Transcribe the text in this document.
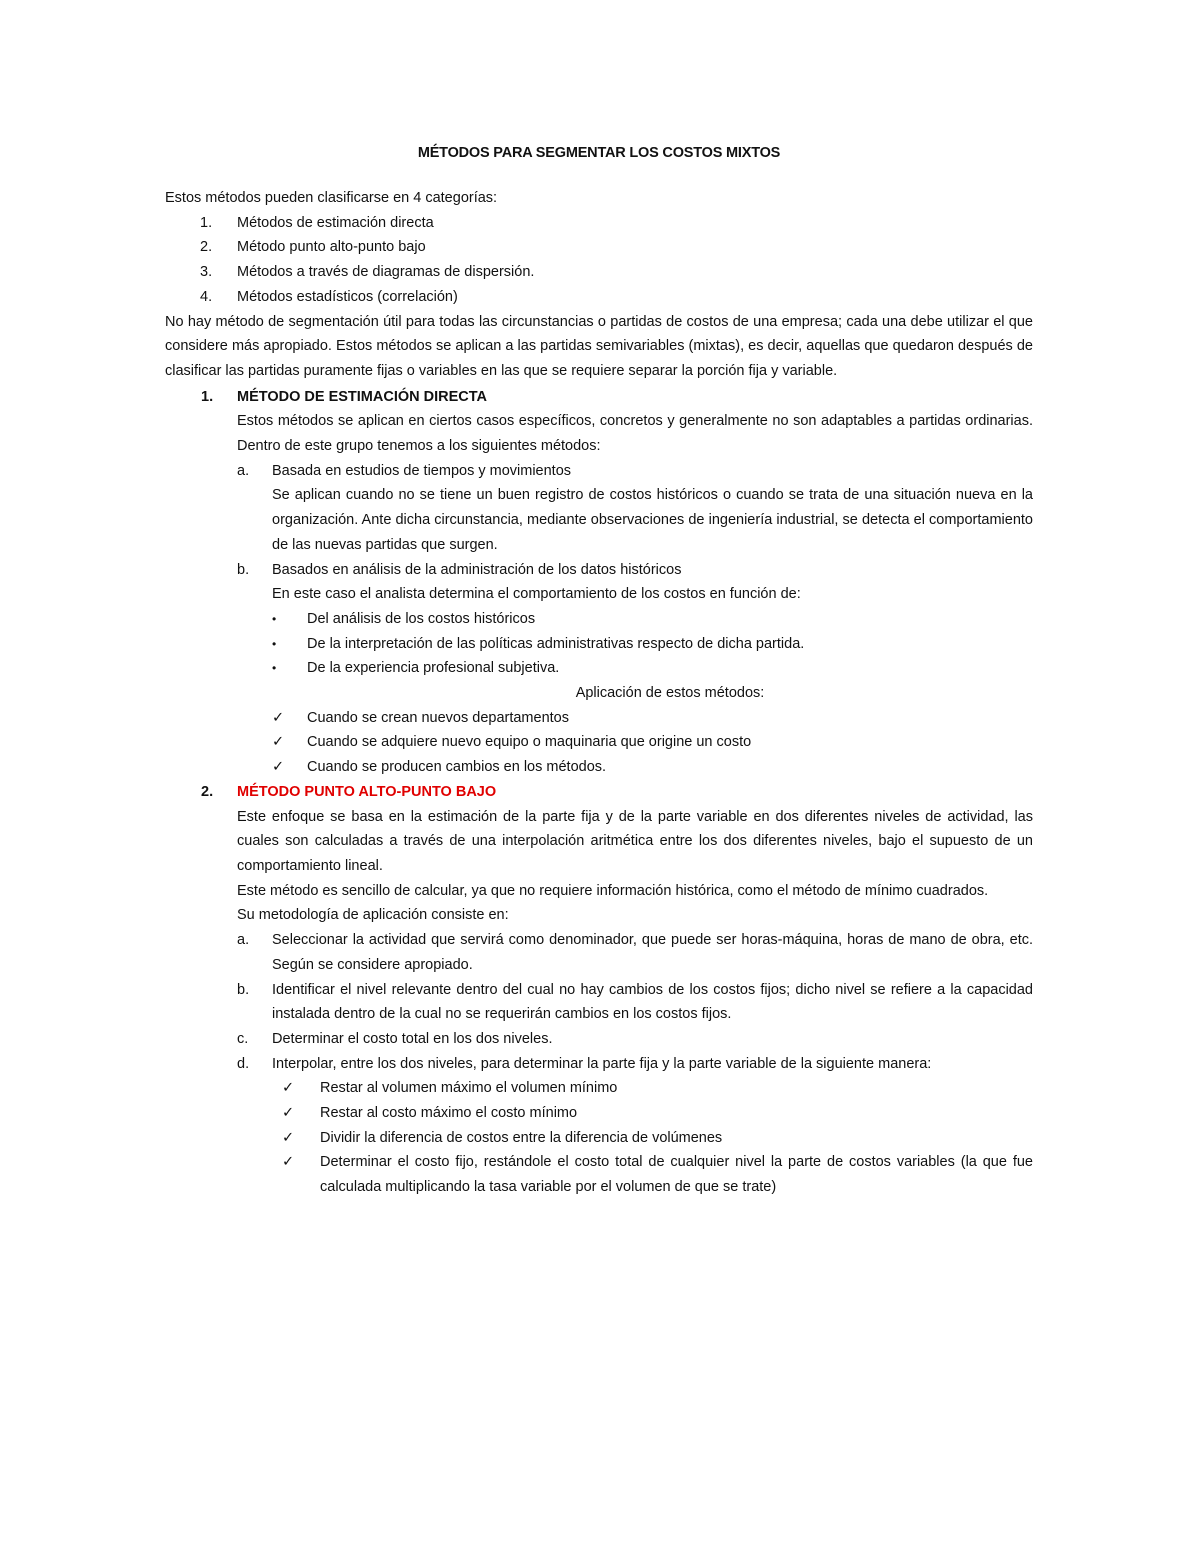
MÉTODOS PARA SEGMENTAR LOS COSTOS MIXTOS
Estos métodos pueden clasificarse en 4 categorías:
1.	Métodos de estimación directa
2.	Método punto alto-punto bajo
3.	Métodos a través de diagramas de dispersión.
4.	Métodos estadísticos (correlación)
No hay método de segmentación útil para todas las circunstancias o partidas de costos de una empresa; cada una debe utilizar el que considere más apropiado. Estos métodos se aplican a las partidas semivariables (mixtas), es decir, aquellas que quedaron después de clasificar las partidas puramente fijas o variables en las que se requiere separar la porción fija y variable.
1.	MÉTODO DE ESTIMACIÓN DIRECTA
Estos métodos se aplican en ciertos casos específicos, concretos y generalmente no son adaptables a partidas ordinarias. Dentro de este grupo tenemos a los siguientes métodos:
a.	Basada en estudios de tiempos y movimientos
Se aplican cuando no se tiene un buen registro de costos históricos o cuando se trata de una situación nueva en la organización. Ante dicha circunstancia, mediante observaciones de ingeniería industrial, se detecta el comportamiento de las nuevas partidas que surgen.
b.	Basados en análisis de la administración de los datos históricos
En este caso el analista determina el comportamiento de los costos en función de:
•	Del análisis de los costos históricos
•	De la interpretación de las políticas administrativas respecto de dicha partida.
•	De la experiencia profesional subjetiva.
Aplicación de estos métodos:
✓	Cuando se crean nuevos departamentos
✓	Cuando se adquiere nuevo equipo o maquinaria que origine un costo
✓	Cuando se producen cambios en los métodos.
2.	MÉTODO PUNTO ALTO-PUNTO BAJO
Este enfoque se basa en la estimación de la parte fija y de la parte variable en dos diferentes niveles de actividad, las cuales son calculadas a través de una interpolación aritmética entre los dos diferentes niveles, bajo el supuesto de un comportamiento lineal.
Este método es sencillo de calcular, ya que no requiere información histórica, como el método de mínimo cuadrados.
Su metodología de aplicación consiste en:
a.	Seleccionar la actividad que servirá como denominador, que puede ser horas-máquina, horas de mano de obra, etc. Según se considere apropiado.
b.	Identificar el nivel relevante dentro del cual no hay cambios de los costos fijos; dicho nivel se refiere a la capacidad instalada dentro de la cual no se requerirán cambios en los costos fijos.
c.	Determinar el costo total en los dos niveles.
d.	Interpolar, entre los dos niveles, para determinar la parte fija y la parte variable de la siguiente manera:
✓	Restar al volumen máximo el volumen mínimo
✓	Restar al costo máximo el costo mínimo
✓	Dividir la diferencia de costos entre la diferencia de volúmenes
✓	Determinar el costo fijo, restándole el costo total de cualquier nivel la parte de costos variables (la que fue calculada multiplicando la tasa variable por el volumen de que se trate)
